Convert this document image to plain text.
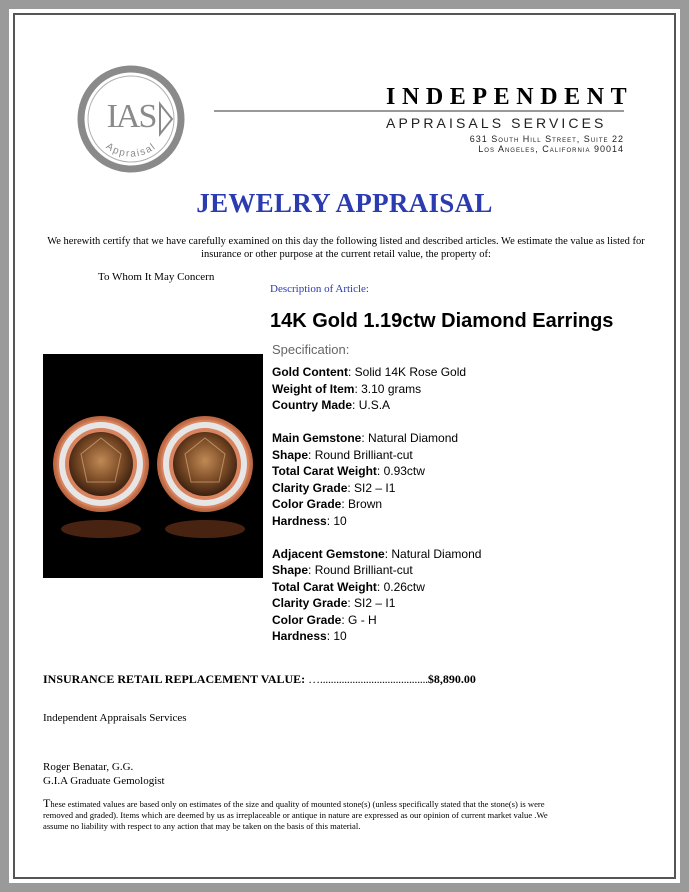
IAS
Appraisal
INDEPENDENT
APPRAISALS SERVICES
631 South Hill Street, Suite 22
Los Angeles, California 90014
JEWELRY APPRAISAL
We herewith certify that we have carefully examined on this day the following listed and described articles. We estimate the value as listed for insurance or other purpose at the current retail value, the property of:
To Whom It May Concern
Description of Article:
14K Gold 1.19ctw Diamond Earrings
Specification:
Gold Content: Solid 14K Rose Gold
Weight of Item: 3.10 grams
Country Made: U.S.A
Main Gemstone: Natural Diamond
Shape: Round Brilliant-cut
Total Carat Weight: 0.93ctw
Clarity Grade: SI2 – I1
Color Grade: Brown
Hardness: 10
Adjacent Gemstone: Natural Diamond
Shape: Round Brilliant-cut
Total Carat Weight: 0.26ctw
Clarity Grade: SI2 – I1
Color Grade: G - H
Hardness: 10
INSURANCE RETAIL REPLACEMENT VALUE: …........................................$8,890.00
Independent Appraisals Services
Roger Benatar, G.G.
G.I.A Graduate Gemologist
These estimated values are based only on estimates of the size and quality of mounted stone(s) (unless specifically stated that the stone(s) is were removed and graded). Items which are deemed by us as irreplaceable or antique in nature are expressed as our opinion of current market value .We assume no liability with respect to any action that may be taken on the basis of this material.
